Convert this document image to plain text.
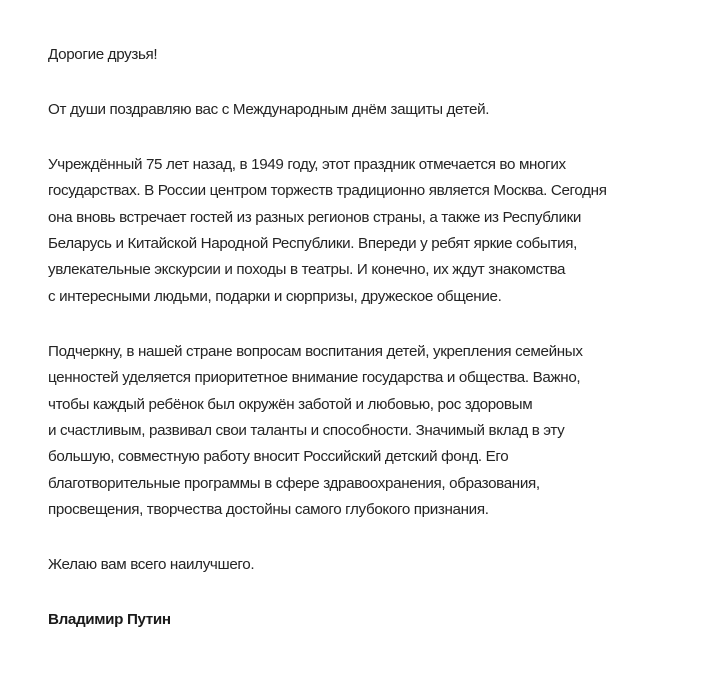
Дорогие друзья!

От души поздравляю вас с Международным днём защиты детей.

Учреждённый 75 лет назад, в 1949 году, этот праздник отмечается во многих
государствах. В России центром торжеств традиционно является Москва. Сегодня
она вновь встречает гостей из разных регионов страны, а также из Республики
Беларусь и Китайской Народной Республики. Впереди у ребят яркие события,
увлекательные экскурсии и походы в театры. И конечно, их ждут знакомства
с интересными людьми, подарки и сюрпризы, дружеское общение.

Подчеркну, в нашей стране вопросам воспитания детей, укрепления семейных
ценностей уделяется приоритетное внимание государства и общества. Важно,
чтобы каждый ребёнок был окружён заботой и любовью, рос здоровым
и счастливым, развивал свои таланты и способности. Значимый вклад в эту
большую, совместную работу вносит Российский детский фонд. Его
благотворительные программы в сфере здравоохранения, образования,
просвещения, творчества достойны самого глубокого признания.

Желаю вам всего наилучшего.

Владимир Путин
